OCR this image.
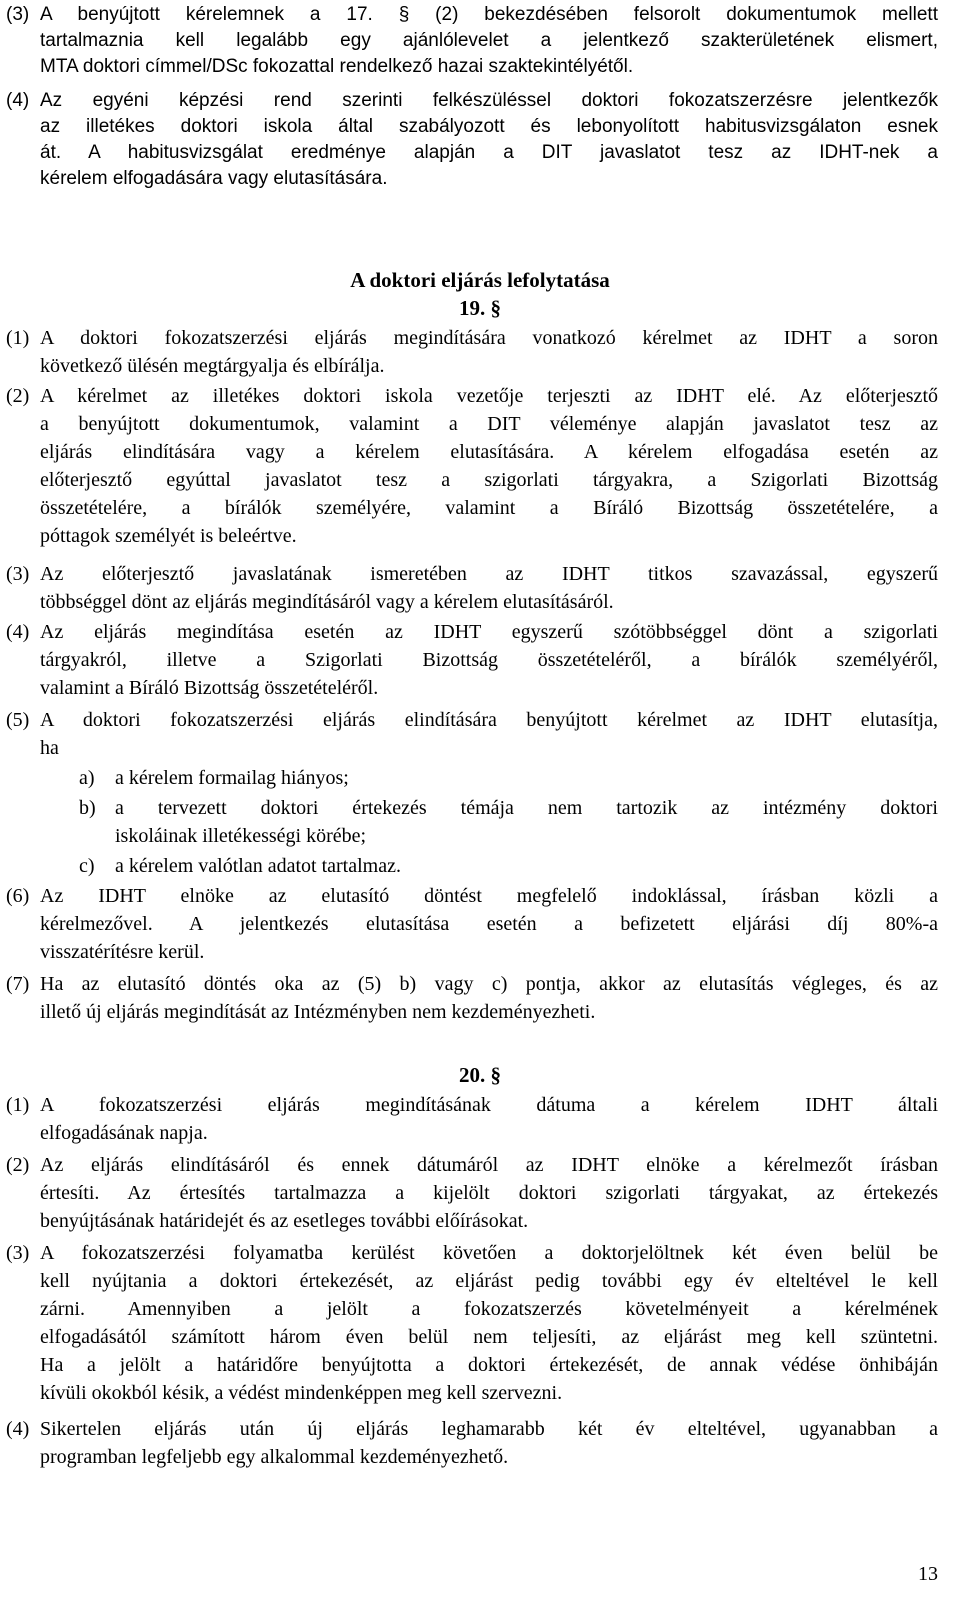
(3) A benyújtott kérelemnek a 17. § (2) bekezdésében felsorolt dokumentumok mellett
tartalmaznia kell legalább egy ajánlólevelet a jelentkező szakterületének elismert,
MTA doktori címmel/DSc fokozattal rendelkező hazai szaktekintélyétől.
(4) Az egyéni képzési rend szerinti felkészüléssel doktori fokozatszerzésre jelentkezők
az illetékes doktori iskola által szabályozott és lebonyolított habitusvizsgálaton esnek
át. A habitusvizsgálat eredménye alapján a DIT javaslatot tesz az IDHT-nek a
kérelem elfogadására vagy elutasítására.
A doktori eljárás lefolytatása
19. §
(1) A doktori fokozatszerzési eljárás megindítására vonatkozó kérelmet az IDHT a soron
következő ülésén megtárgyalja és elbírálja.
(2) A kérelmet az illetékes doktori iskola vezetője terjeszti az IDHT elé. Az előterjesztő
a benyújtott dokumentumok, valamint a DIT véleménye alapján javaslatot tesz az
eljárás elindítására vagy a kérelem elutasítására. A kérelem elfogadása esetén az
előterjesztő egyúttal javaslatot tesz a szigorlati tárgyakra, a Szigorlati Bizottság
összetételére, a bírálók személyére, valamint a Bíráló Bizottság összetételére, a
póttagok személyét is beleértve.
(3) Az előterjesztő javaslatának ismeretében az IDHT titkos szavazással, egyszerű
többséggel dönt az eljárás megindításáról vagy a kérelem elutasításáról.
(4) Az eljárás megindítása esetén az IDHT egyszerű szótöbbséggel dönt a szigorlati
tárgyakról, illetve a Szigorlati Bizottság összetételéről, a bírálók személyéről,
valamint a Bíráló Bizottság összetételéről.
(5) A doktori fokozatszerzési eljárás elindítására benyújtott kérelmet az IDHT elutasítja,
ha
a) a kérelem formailag hiányos;
b) a tervezett doktori értekezés témája nem tartozik az intézmény doktori
iskoláinak illetékességi körébe;
c) a kérelem valótlan adatot tartalmaz.
(6) Az IDHT elnöke az elutasító döntést megfelelő indoklással, írásban közli a
kérelmezővel. A jelentkezés elutasítása esetén a befizetett eljárási díj 80%-a
visszatérítésre kerül.
(7) Ha az elutasító döntés oka az (5) b) vagy c) pontja, akkor az elutasítás végleges, és az
illető új eljárás megindítását az Intézményben nem kezdeményezheti.
20. §
(1) A fokozatszerzési eljárás megindításának dátuma a kérelem IDHT általi
elfogadásának napja.
(2) Az eljárás elindításáról és ennek dátumáról az IDHT elnöke a kérelmezőt írásban
értesíti. Az értesítés tartalmazza a kijelölt doktori szigorlati tárgyakat, az értekezés
benyújtásának határidejét és az esetleges további előírásokat.
(3) A fokozatszerzési folyamatba kerülést követően a doktorjelöltnek két éven belül be
kell nyújtania a doktori értekezését, az eljárást pedig további egy év elteltével le kell
zárni. Amennyiben a jelölt a fokozatszerzés követelményeit a kérelmének
elfogadásától számított három éven belül nem teljesíti, az eljárást meg kell szüntetni.
Ha a jelölt a határidőre benyújtotta a doktori értekezését, de annak védése önhibáján
kívüli okokból késik, a védést mindenképpen meg kell szervezni.
(4) Sikertelen eljárás után új eljárás leghamarabb két év elteltével, ugyanabban a
programban legfeljebb egy alkalommal kezdeményezhető.
13
